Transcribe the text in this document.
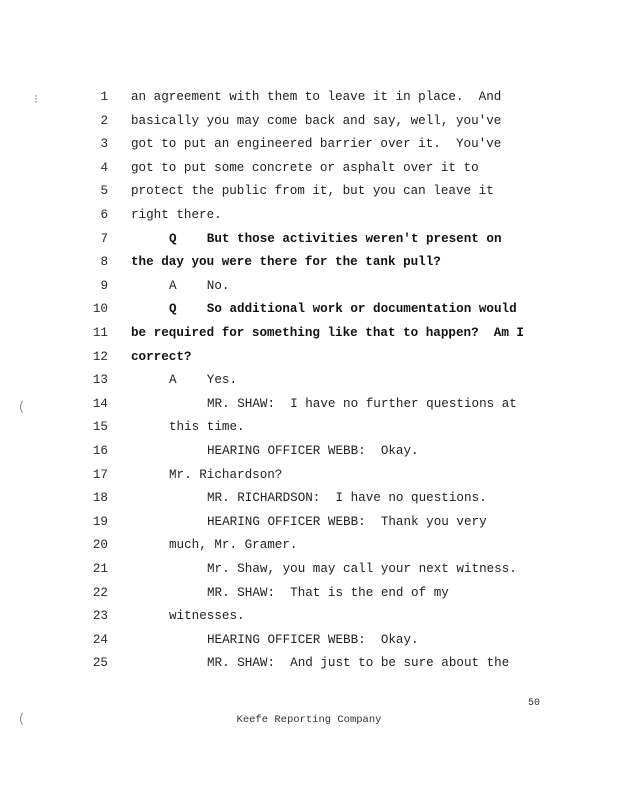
⁝
(
(
1 an agreement with them to leave it in place.  And
2 basically you may come back and say, well, you've
3 got to put an engineered barrier over it.  You've
4 got to put some concrete or asphalt over it to
5 protect the public from it, but you can leave it
6 right there.
7	Q    But those activities weren't present on
8 the day you were there for the tank pull?
9	A    No.
10	Q    So additional work or documentation would
11 be required for something like that to happen?  Am I
12 correct?
13	A    Yes.
14	MR. SHAW:  I have no further questions at
15	this time.
16	HEARING OFFICER WEBB:  Okay.
17	Mr. Richardson?
18	MR. RICHARDSON:  I have no questions.
19	HEARING OFFICER WEBB:  Thank you very
20	much, Mr. Gramer.
21	Mr. Shaw, you may call your next witness.
22	MR. SHAW:  That is the end of my
23	witnesses.
24	HEARING OFFICER WEBB:  Okay.
25	MR. SHAW:  And just to be sure about the
50
Keefe Reporting Company
